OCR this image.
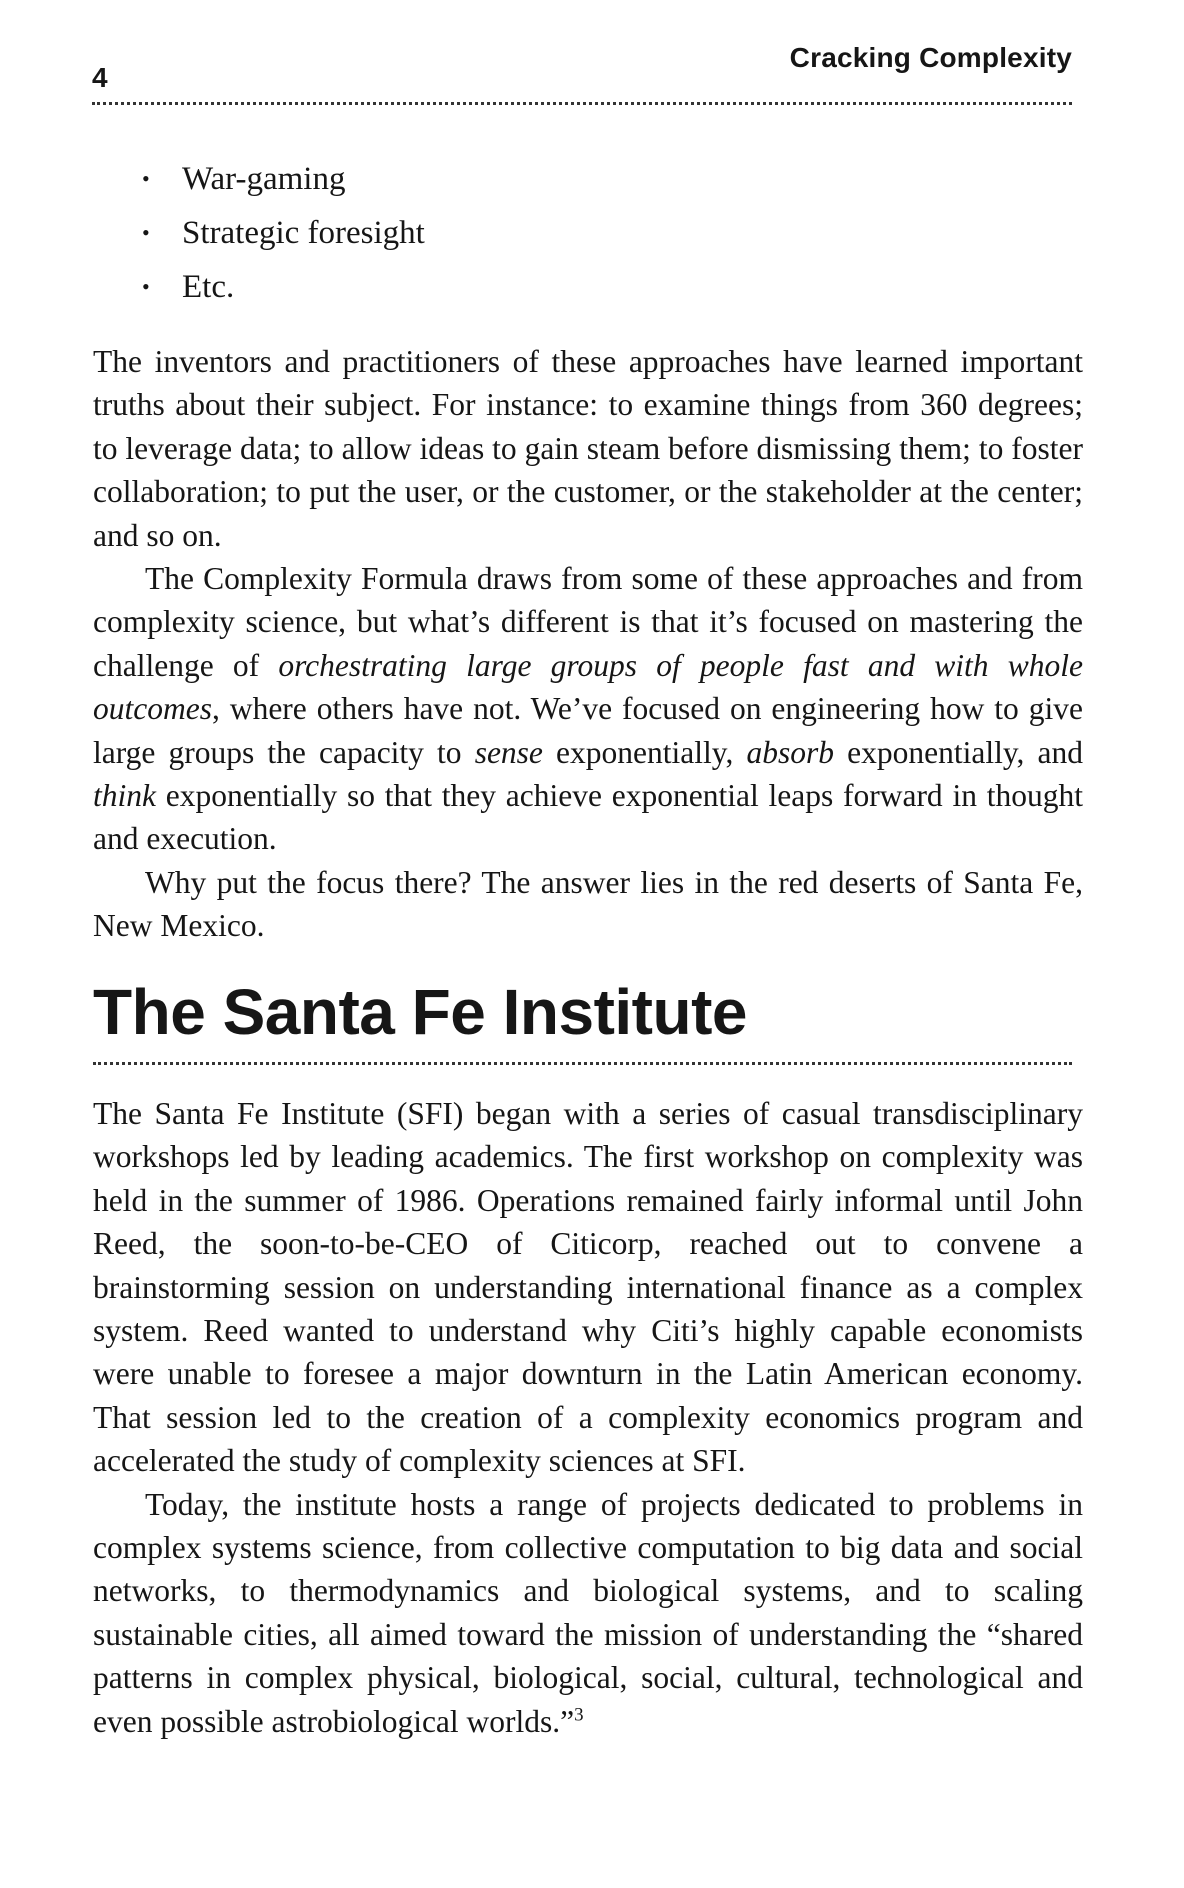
4
Cracking Complexity
• War-gaming
• Strategic foresight
• Etc.

The inventors and practitioners of these approaches have learned important truths about their subject. For instance: to examine things from 360 degrees; to leverage data; to allow ideas to gain steam before dismissing them; to foster collaboration; to put the user, or the customer, or the stakeholder at the center; and so on.

The Complexity Formula draws from some of these approaches and from complexity science, but what’s different is that it’s focused on mastering the challenge of orchestrating large groups of people fast and with whole outcomes, where others have not. We’ve focused on engineering how to give large groups the capacity to sense exponentially, absorb exponentially, and think exponentially so that they achieve exponential leaps forward in thought and execution.

Why put the focus there? The answer lies in the red deserts of Santa Fe, New Mexico.

The Santa Fe Institute

The Santa Fe Institute (SFI) began with a series of casual transdisciplinary workshops led by leading academics. The first workshop on complexity was held in the summer of 1986. Operations remained fairly informal until John Reed, the soon-to-be-CEO of Citicorp, reached out to convene a brainstorming session on understanding international finance as a complex system. Reed wanted to understand why Citi’s highly capable economists were unable to foresee a major downturn in the Latin American economy. That session led to the creation of a complexity economics program and accelerated the study of complexity sciences at SFI.

Today, the institute hosts a range of projects dedicated to problems in complex systems science, from collective computation to big data and social networks, to thermodynamics and biological systems, and to scaling sustainable cities, all aimed toward the mission of understanding the “shared patterns in complex physical, biological, social, cultural, technological and even possible astrobiological worlds.”$^3$
